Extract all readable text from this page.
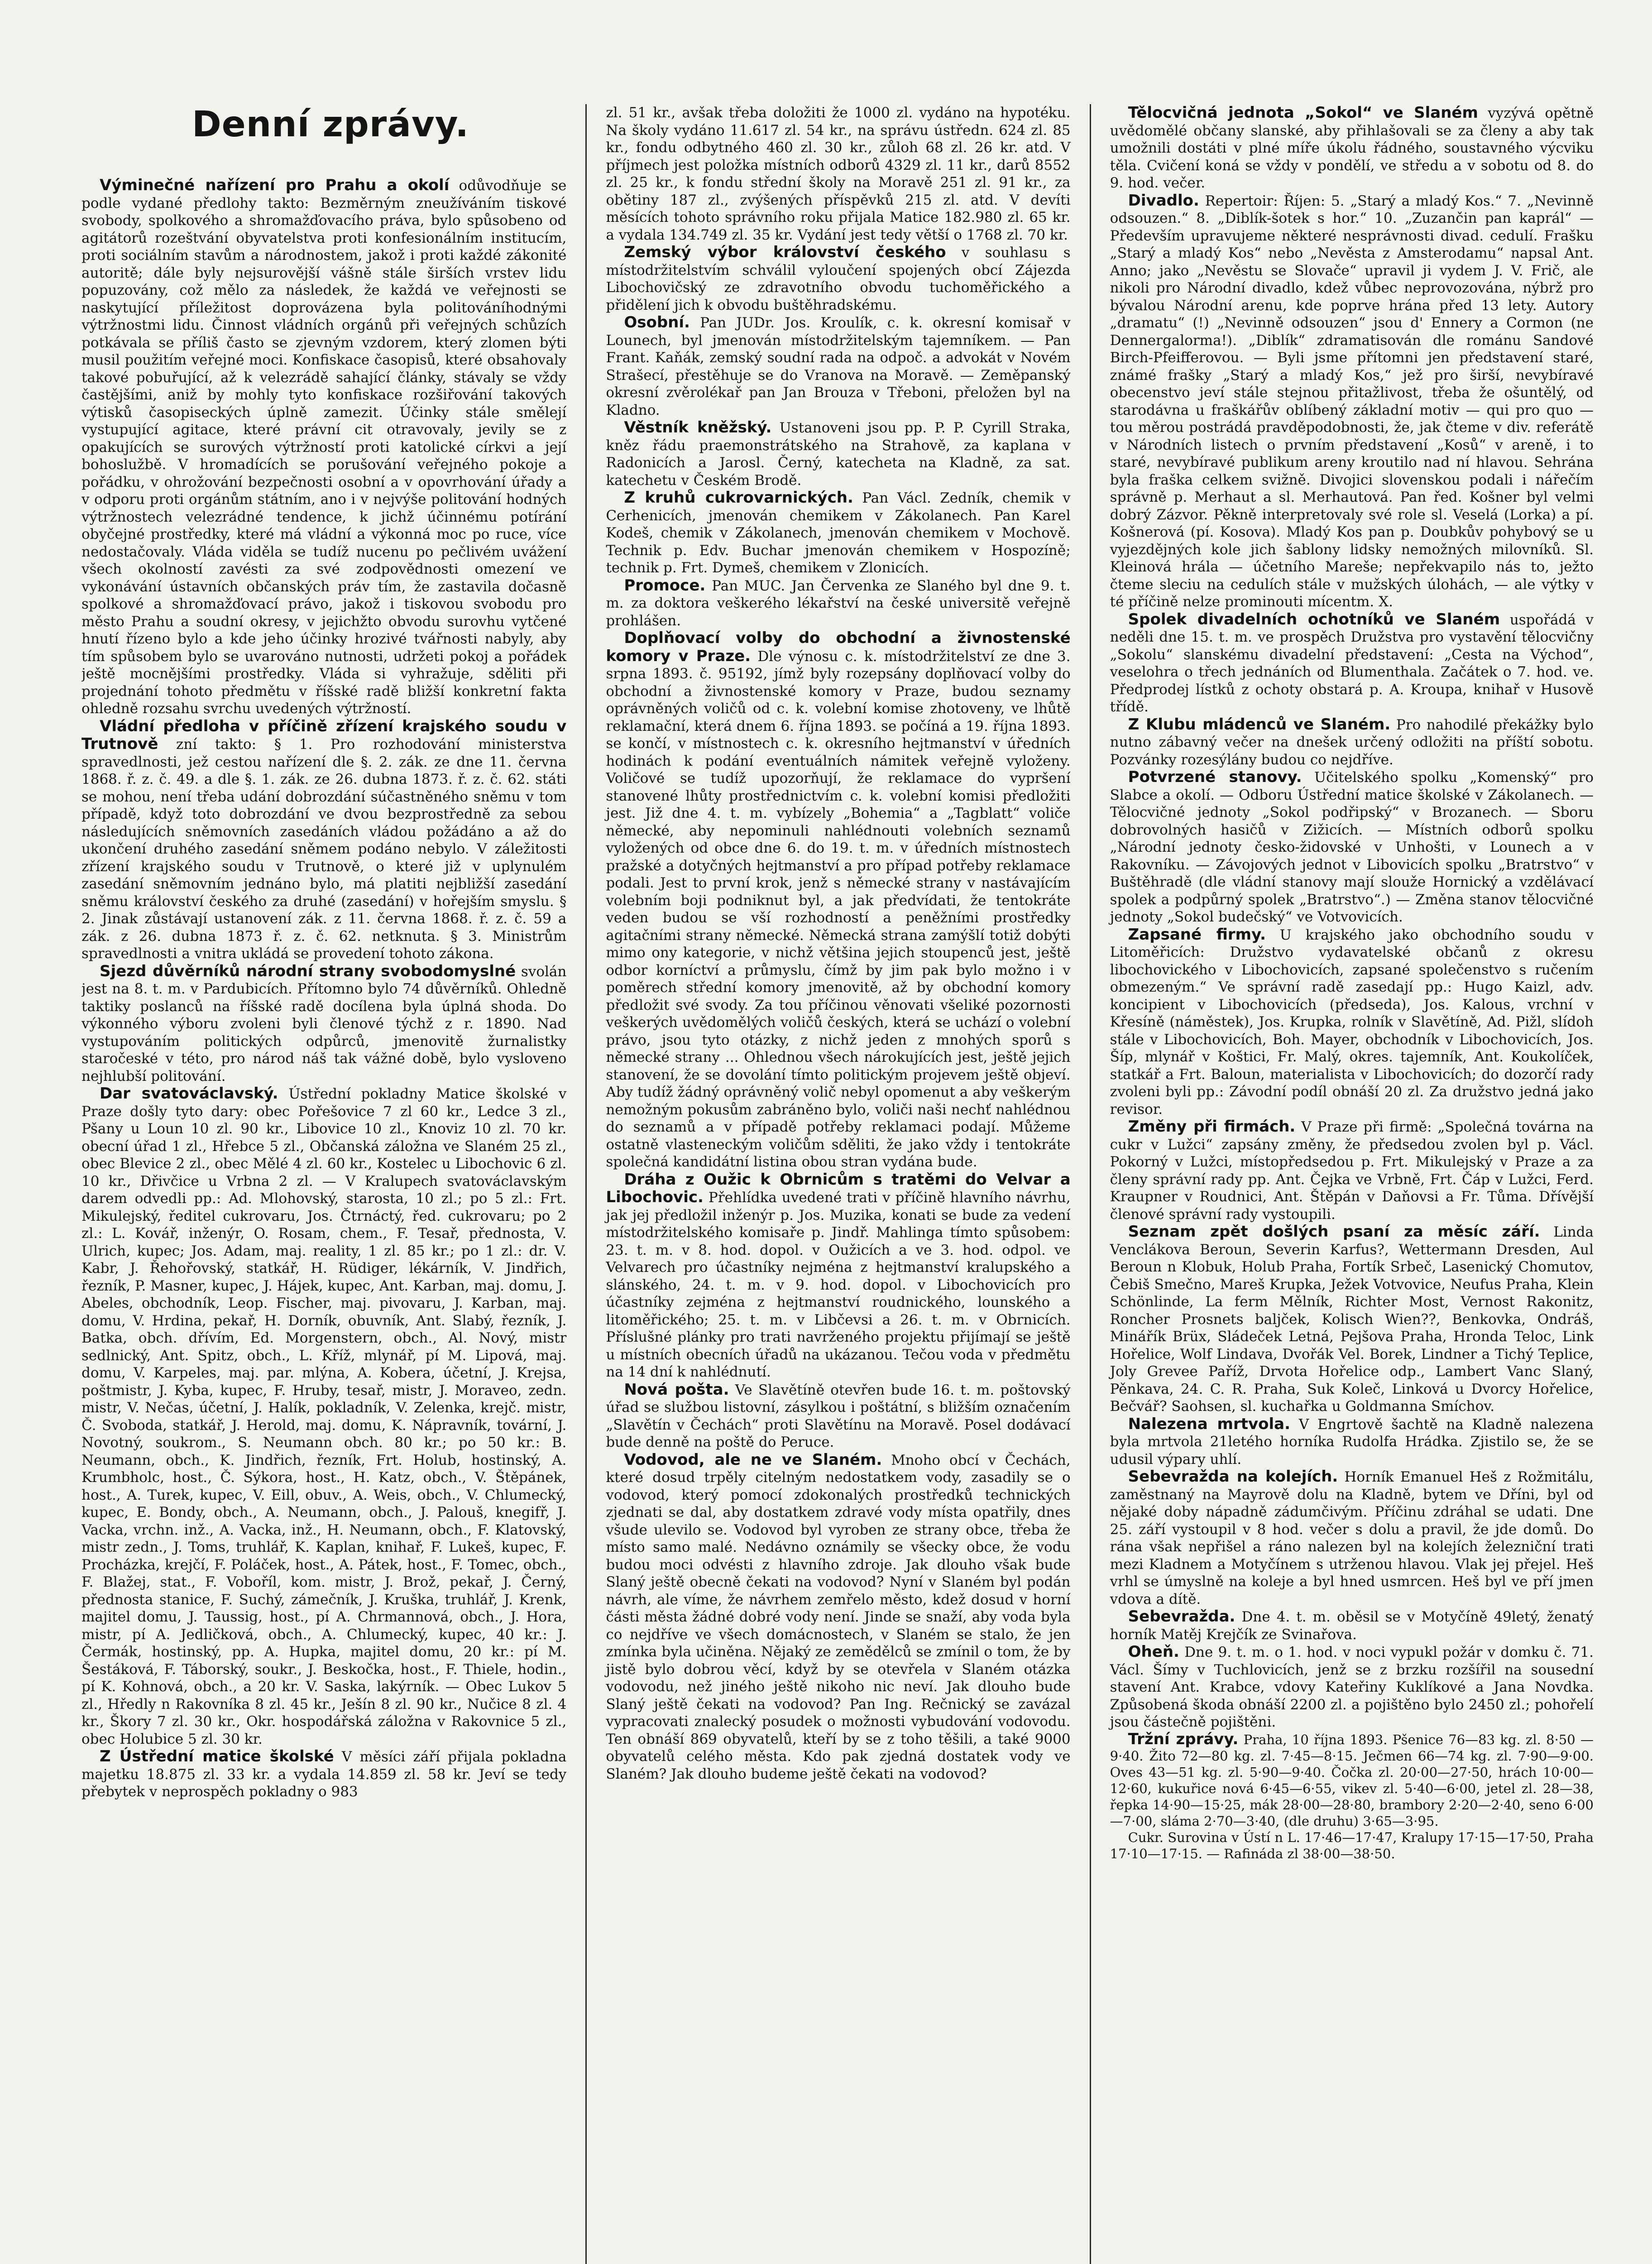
Denní zprávy.

Výminečné nařízení pro Prahu a okolí odůvodňuje se podle vydané předlohy takto: Bezměrným zneužíváním tiskové svobody, spolkového a shromažďovacího práva, bylo spůsobeno od agitátorů rozeštvání obyvatelstva proti konfesionálním institucím, proti sociálním stavům a národnostem, jakož i proti každé zákonité autoritě; dále byly nejsurovější vášně stále širších vrstev lidu popuzovány, což mělo za následek, že každá ve veřejnosti se naskytující příležitost doprovázena byla politováníhodnými výtržnostmi lidu. Činnost vládních orgánů při veřejných schůzích potkávala se příliš často se zjevným vzdorem, který zlomen býti musil použitím veřejné moci. Konfiskace časopisů, které obsahovaly takové pobuřující, až k velezrádě sahající články, stávaly se vždy častějšími, aniž by mohly tyto konfiskace rozšiřování takových výtisků časopiseckých úplně zamezit. Účinky stále smělejí vystupující agitace, které právní cit otravovaly, jevily se z opakujících se surových výtržností proti katolické církvi a její bohoslužbě. V hromadících se porušování veřejného pokoje a pořádku, v ohrožování bezpečnosti osobní a v opovrhování úřady a v odporu proti orgánům státním, ano i v nejvýše politování hodných výtržnostech velezrádné tendence, k jichž účinnému potírání obyčejné prostředky, které má vládní a výkonná moc po ruce, více nedostačovaly. Vláda viděla se tudíž nucenu po pečlivém uvážení všech okolností zavésti za své zodpovědnosti omezení ve vykonávání ústavních občanských práv tím, že zastavila dočasně spolkové a shromažďovací právo, jakož i tiskovou svobodu pro město Prahu a soudní okresy, v jejichžto obvodu surovhu vytčené hnutí řízeno bylo a kde jeho účinky hrozivé tvářnosti nabyly, aby tím spůsobem bylo se uvarováno nutnosti, udržeti pokoj a pořádek ještě mocnějšími prostředky. Vláda si vyhražuje, sděliti při projednání tohoto předmětu v říšské radě bližší konkretní fakta ohledně rozsahu svrchu uvedených výtržností.

Vládní předloha v příčině zřízení krajského soudu v Trutnově zní takto: § 1. Pro rozhodování ministerstva spravedlnosti, jež cestou nařízení dle §. 2. zák. ze dne 11. června 1868. ř. z. č. 49. a dle §. 1. zák. ze 26. dubna 1873. ř. z. č. 62. státi se mohou, není třeba udání dobrozdání súčastněného sněmu v tom případě, když toto dobrozdání ve dvou bezprostředně za sebou následujících sněmovních zasedáních vládou požádáno a až do ukončení druhého zasedání sněmem podáno nebylo. V záležitosti zřízení krajského soudu v Trutnově, o které již v uplynulém zasedání sněmovním jednáno bylo, má platiti nejbližší zasedání sněmu království českého za druhé (zasedání) v hořejším smyslu. § 2. Jinak zůstávají ustanovení zák. z 11. června 1868. ř. z. č. 59 a zák. z 26. dubna 1873 ř. z. č. 62. netknuta. § 3. Ministrům spravedlnosti a vnitra ukládá se provedení tohoto zákona.

Sjezd důvěrníků národní strany svobodomyslné svolán jest na 8. t. m. v Pardubicích. Přítomno bylo 74 důvěrníků. Ohledně taktiky poslanců na říšské radě docílena byla úplná shoda. Do výkonného výboru zvoleni byli členové týchž z r. 1890. Nad vystupováním politických odpůrců, jmenovitě žurnalistky staročeské v této, pro národ náš tak vážné době, bylo vysloveno nejhlubší politování.

Dar svatováclavský. Ústřední pokladny Matice školské v Praze došly tyto dary: obec Pořešovice 7 zl 60 kr., Ledce 3 zl., Pšany u Loun 10 zl. 90 kr., Libovice 10 zl., Knoviz 10 zl. 70 kr. obecní úřad 1 zl., Hřebce 5 zl., Občanská záložna ve Slaném 25 zl., obec Blevice 2 zl., obec Mělé 4 zl. 60 kr., Kostelec u Libochovic 6 zl. 10 kr., Dřivčice u Vrbna 2 zl. — V Kralupech svatováclavským darem odvedli pp.: Ad. Mlohovský, starosta, 10 zl.; po 5 zl.: Frt. Mikulejský, ředitel cukrovaru, Jos. Čtrnáctý, řed. cukrovaru; po 2 zl.: L. Kovář, inženýr, O. Rosam, chem., F. Tesař, přednosta, V. Ulrich, kupec; Jos. Adam, maj. reality, 1 zl. 85 kr.; po 1 zl.: dr. V. Kabr, J. Řehořovský, statkář, H. Rüdiger, lékárník, V. Jindřich, řezník, P. Masner, kupec, J. Hájek, kupec, Ant. Karban, maj. domu, J. Abeles, obchodník, Leop. Fischer, maj. pivovaru, J. Karban, maj. domu, V. Hrdina, pekař, H. Dorník, obuvník, Ant. Slabý, řezník, J. Batka, obch. dřívím, Ed. Morgenstern, obch., Al. Nový, mistr sedlnický, Ant. Spitz, obch., L. Kříž, mlynář, pí M. Lipová, maj. domu, V. Karpeles, maj. par. mlýna, A. Kobera, účetní, J. Krejsa, poštmistr, J. Kyba, kupec, F. Hruby, tesař, mistr, J. Moraveo, zedn. mistr, V. Nečas, účetní, J. Halík, pokladník, V. Zelenka, krejč. mistr, Č. Svoboda, statkář, J. Herold, maj. domu, K. Nápravník, tovární, J. Novotný, soukrom., S. Neumann obch. 80 kr.; po 50 kr.: B. Neumann, obch., K. Jindřich, řezník, Frt. Holub, hostinský, A. Krumbholc, host., Č. Sýkora, host., H. Katz, obch., V. Štěpánek, host., A. Turek, kupec, V. Eill, obuv., A. Weis, obch., V. Chlumecký, kupec, E. Bondy, obch., A. Neumann, obch., J. Palouš, knegifř, J. Vacka, vrchn. inž., A. Vacka, inž., H. Neumann, obch., F. Klatovský, mistr zedn., J. Toms, truhlář, K. Kaplan, knihař, F. Lukeš, kupec, F. Procházka, krejčí, F. Poláček, host., A. Pátek, host., F. Tomec, obch., F. Blažej, stat., F. Voboříl, kom. mistr, J. Brož, pekař, J. Černý, přednosta stanice, F. Suchý, zámečník, J. Kruška, truhlář, J. Krenk, majitel domu, J. Taussig, host., pí A. Chrmannová, obch., J. Hora, mistr, pí A. Jedličková, obch., A. Chlumecký, kupec, 40 kr.: J. Čermák, hostinský, pp. A. Hupka, majitel domu, 20 kr.: pí M. Šestáková, F. Táborský, soukr., J. Beskočka, host., F. Thiele, hodin., pí K. Kohnová, obch., a 20 kr. V. Saska, lakýrník. — Obec Lukov 5 zl., Hředly n Rakovníka 8 zl. 45 kr., Ješín 8 zl. 90 kr., Nučice 8 zl. 4 kr., Škory 7 zl. 30 kr., Okr. hospodářská záložna v Rakovnice 5 zl., obec Holubice 5 zl. 30 kr.

Z Ústřední matice školské V měsíci září přijala pokladna majetku 18.875 zl. 33 kr. a vydala 14.859 zl. 58 kr. Jeví se tedy přebytek v neprospěch pokladny o 983

zl. 51 kr., avšak třeba doložiti že 1000 zl. vydáno na hypotéku. Na školy vydáno 11.617 zl. 54 kr., na správu ústředn. 624 zl. 85 kr., fondu odbytného 460 zl. 30 kr., zůloh 68 zl. 26 kr. atd. V příjmech jest položka místních odborů 4329 zl. 11 kr., darů 8552 zl. 25 kr., k fondu střední školy na Moravě 251 zl. 91 kr., za obětiny 187 zl., zvýšených příspěvků 215 zl. atd. V devíti měsících tohoto správního roku přijala Matice 182.980 zl. 65 kr. a vydala 134.749 zl. 35 kr. Vydání jest tedy větší o 1768 zl. 70 kr.

Zemský výbor království českého v souhlasu s místodržitelstvím schválil vyloučení spojených obcí Zájezda Libochovičský ze zdravotního obvodu tuchoměřického a přidělení jich k obvodu buštěhradskému.

Osobní. Pan JUDr. Jos. Kroulík, c. k. okresní komisař v Lounech, byl jmenován místodržitelským tajemníkem. — Pan Frant. Kaňák, zemský soudní rada na odpoč. a advokát v Novém Strašecí, přestěhuje se do Vranova na Moravě. — Zeměpanský okresní zvěrolékař pan Jan Brouza v Třeboni, přeložen byl na Kladno.

Věstník kněžský. Ustanoveni jsou pp. P. P. Cyrill Straka, kněz řádu praemonstrátského na Strahově, za kaplana v Radonicích a Jarosl. Černý, katecheta na Kladně, za sat. katechetu v Českém Brodě.

Z kruhů cukrovarnických. Pan Václ. Zedník, chemik v Cerhenicích, jmenován chemikem v Zákolanech. Pan Karel Kodeš, chemik v Zákolanech, jmenován chemikem v Mochově. Technik p. Edv. Buchar jmenován chemikem v Hospozíně; technik p. Frt. Dymeš, chemikem v Zlonicích.

Promoce. Pan MUC. Jan Červenka ze Slaného byl dne 9. t. m. za doktora veškerého lékařství na české universitě veřejně prohlášen.

Doplňovací volby do obchodní a živnostenské komory v Praze. Dle výnosu c. k. místodržitelství ze dne 3. srpna 1893. č. 95192, jímž byly rozepsány doplňovací volby do obchodní a živnostenské komory v Praze, budou seznamy oprávněných voličů od c. k. volební komise zhotoveny, ve lhůtě reklamační, která dnem 6. října 1893. se počíná a 19. října 1893. se končí, v místnostech c. k. okresního hejtmanství v úředních hodinách k podání eventuálních námitek veřejně vyloženy. Voličové se tudíž upozorňují, že reklamace do vypršení stanovené lhůty prostřednictvím c. k. volební komisi předložiti jest. Již dne 4. t. m. vybízely „Bohemia“ a „Tagblatt“ voliče německé, aby nepominuli nahlédnouti volebních seznamů vyložených od obce dne 6. do 19. t. m. v úředních místnostech pražské a dotyčných hejtmanství a pro případ potřeby reklamace podali. Jest to první krok, jenž s německé strany v nastávajícím volebním boji podniknut byl, a jak předvídati, že tentokráte veden budou se vší rozhodností a peněžními prostředky agitačními strany německé. Německá strana zamýšlí totiž dobýti mimo ony kategorie, v nichž většina jejich stoupenců jest, ještě odbor korníctví a průmyslu, čímž by jim pak bylo možno i v poměrech střední komory jmenovitě, až by obchodní komory předložit své svody. Za tou příčinou věnovati všeliké pozornosti veškerých uvědomělých voličů českých, která se uchází o volební právo, jsou tyto otázky, z nichž jeden z mnohých sporů s německé strany ... Ohlednou všech nárokujících jest, ještě jejich stanovení, že se dovolání tímto politickým projevem ještě objeví. Aby tudíž žádný oprávněný volič nebyl opomenut a aby veškerým nemožným pokusům zabráněno bylo, voliči naši nechť nahlédnou do seznamů a v případě potřeby reklamaci podají. Můžeme ostatně vlasteneckým voličům sděliti, že jako vždy i tentokráte společná kandidátní listina obou stran vydána bude.

Dráha z Oužic k Obrnicům s tratěmi do Velvar a Libochovic. Přehlídka uvedené trati v příčině hlavního návrhu, jak jej předložil inženýr p. Jos. Muzika, konati se bude za vedení místodržitelského komisaře p. Jindř. Mahlinga tímto spůsobem: 23. t. m. v 8. hod. dopol. v Oužicích a ve 3. hod. odpol. ve Velvarech pro účastníky nejména z hejtmanství kralupského a slánského, 24. t. m. v 9. hod. dopol. v Libochovicích pro účastníky zejména z hejtmanství roudnického, lounského a litoměřického; 25. t. m. v Libčevsi a 26. t. m. v Obrnicích. Příslušné plánky pro trati navrženého projektu přijímají se ještě u místních obecních úřadů na ukázanou. Tečou voda v předmětu na 14 dní k nahlédnutí.

Nová pošta. Ve Slavětíně otevřen bude 16. t. m. poštovský úřad se službou listovní, zásylkou i poštátní, s bližším označením „Slavětín v Čechách“ proti Slavětínu na Moravě. Posel dodávací bude denně na poště do Peruce.

Vodovod, ale ne ve Slaném. Mnoho obcí v Čechách, které dosud trpěly citelným nedostatkem vody, zasadily se o vodovod, který pomocí zdokonalých prostředků technických zjednati se dal, aby dostatkem zdravé vody místa opatřily, dnes všude ulevilo se. Vodovod byl vyroben ze strany obce, třeba že místo samo malé. Nedávno oznámily se všecky obce, že vodu budou moci odvésti z hlavního zdroje. Jak dlouho však bude Slaný ještě obecně čekati na vodovod? Nyní v Slaném byl podán návrh, ale víme, že návrhem zemřelo město, kdež dosud v horní části města žádné dobré vody není. Jinde se snaží, aby voda byla co nejdříve ve všech domácnostech, v Slaném se stalo, že jen zmínka byla učiněna. Nějaký ze zemědělců se zmínil o tom, že by jistě bylo dobrou věcí, když by se otevřela v Slaném otázka vodovodu, než jiného ještě nikoho nic neví. Jak dlouho bude Slaný ještě čekati na vodovod? Pan Ing. Rečnický se zavázal vypracovati znalecký posudek o možnosti vybudování vodovodu. Ten obnáší 869 obyvatelů, kteří by se z toho těšili, a také 9000 obyvatelů celého města. Kdo pak zjedná dostatek vody ve Slaném? Jak dlouho budeme ještě čekati na vodovod?

Tělocvičná jednota „Sokol“ ve Slaném vyzývá opětně uvědomělé občany slanské, aby přihlašovali se za členy a aby tak umožnili dostáti v plné míře úkolu řádného, soustavného výcviku těla. Cvičení koná se vždy v pondělí, ve středu a v sobotu od 8. do 9. hod. večer.

Divadlo. Repertoir: Říjen: 5. „Starý a mladý Kos.“ 7. „Nevinně odsouzen.“ 8. „Diblík-šotek s hor.“ 10. „Zuzančin pan kaprál“ — Především upravujeme některé nesprávnosti divad. cedulí. Frašku „Starý a mladý Kos“ nebo „Nevěsta z Amsterodamu“ napsal Ant. Anno; jako „Nevěstu se Slovače“ upravil ji vydem J. V. Frič, ale nikoli pro Národní divadlo, kdež vůbec neprovozována, nýbrž pro bývalou Národní arenu, kde poprve hrána před 13 lety. Autory „dramatu“ (!) „Nevinně odsouzen“ jsou d' Ennery a Cormon (ne Dennergalorma!). „Diblík“ zdramatisován dle románu Sandové Birch-Pfeifferovou. — Byli jsme přítomni jen představení staré, známé frašky „Starý a mladý Kos,“ jež pro širší, nevybíravé obecenstvo jeví stále stejnou přitažlivost, třeba že ošuntělý, od starodávna u fraškářův oblíbený základní motiv — qui pro quo — tou měrou postrádá pravděpodobnosti, že, jak čteme v div. referátě v Národních listech o prvním představení „Kosů“ v areně, i to staré, nevybíravé publikum areny kroutilo nad ní hlavou. Sehrána byla fraška celkem svižně. Divojici slovenskou podali i nářečím správně p. Merhaut a sl. Merhautová. Pan řed. Košner byl velmi dobrý Zázvor. Pěkně interpretovaly své role sl. Veselá (Lorka) a pí. Košnerová (pí. Kosova). Mladý Kos pan p. Doubkův pohybový se u vyjezdějných kole jich šablony lidsky nemožných milovníků. Sl. Kleinová hrála — účetního Mareše; nepřekvapilo nás to, ježto čteme sleciu na cedulích stále v mužských úlohách, — ale výtky v té příčině nelze prominouti mícentm. X.

Spolek divadelních ochotníků ve Slaném uspořádá v neděli dne 15. t. m. ve prospěch Družstva pro vystavění tělocvičny „Sokolu“ slanskému divadelní představení: „Cesta na Východ“, veselohra o třech jednáních od Blumenthala. Začátek o 7. hod. ve. Předprodej lístků z ochoty obstará p. A. Kroupa, knihař v Husově třídě.

Z Klubu mládenců ve Slaném. Pro nahodilé překážky bylo nutno zábavný večer na dnešek určený odložiti na příští sobotu. Pozvánky rozesýlány budou co nejdříve.

Potvrzené stanovy. Učitelského spolku „Komenský“ pro Slabce a okolí. — Odboru Ústřední matice školské v Zákolanech. — Tělocvičné jednoty „Sokol podřipský“ v Brozanech. — Sboru dobrovolných hasičů v Zižicích. — Místních odborů spolku „Národní jednoty česko-židovské v Unhošti, v Lounech a v Rakovníku. — Závojových jednot v Libovicích spolku „Bratrstvo“ v Buštěhradě (dle vládní stanovy mají slouže Hornický a vzdělávací spolek a podpůrný spolek „Bratrstvo“.) — Změna stanov tělocvičné jednoty „Sokol budečský“ ve Votvovicích.

Zapsané firmy. U krajského jako obchodního soudu v Litoměřicích: Družstvo vydavatelské občanů z okresu libochovického v Libochovicích, zapsané společenstvo s ručením obmezeným.“ Ve správní radě zasedají pp.: Hugo Kaizl, adv. koncipient v Libochovicích (předseda), Jos. Kalous, vrchní v Křesíně (náměstek), Jos. Krupka, rolník v Slavětíně, Ad. Pižl, slídoh stále v Libochovicích, Boh. Mayer, obchodník v Libochovicích, Jos. Šíp, mlynář v Koštici, Fr. Malý, okres. tajemník, Ant. Koukolíček, statkář a Frt. Baloun, materialista v Libochovicích; do dozorčí rady zvoleni byli pp.: Závodní podíl obnáší 20 zl. Za družstvo jedná jako revisor.

Změny při firmách. V Praze při firmě: „Společná továrna na cukr v Lužci“ zapsány změny, že předsedou zvolen byl p. Václ. Pokorný v Lužci, místopředsedou p. Frt. Mikulejský v Praze a za členy správní rady pp. Ant. Čejka ve Vrbně, Frt. Čáp v Lužci, Ferd. Kraupner v Roudnici, Ant. Štěpán v Daňovsi a Fr. Tůma. Dřívější členové správní rady vystoupili.

Seznam zpět došlých psaní za měsíc září. Linda Venclákova Beroun, Severin Karfus?, Wettermann Dresden, Aul Beroun n Klobuk, Holub Praha, Fortík Srbeč, Lasenický Chomutov, Čebiš Smečno, Mareš Krupka, Ježek Votvovice, Neufus Praha, Klein Schönlinde, La ferm Mělník, Richter Most, Vernost Rakonitz, Roncher Prosnets baljček, Kolisch Wien??, Benkovka, Ondráš, Minářík Brüx, Sládeček Letná, Pejšova Praha, Hronda Teloc, Link Hořelice, Wolf Lindava, Dvořák Vel. Borek, Lindner a Tichý Teplice, Joly Grevee Paříž, Drvota Hořelice odp., Lambert Vanc Slaný, Pěnkava, 24. C. R. Praha, Suk Koleč, Linková u Dvorcy Hořelice, Bečvář? Saohsen, sl. kuchařka u Goldmanna Smíchov.

Nalezena mrtvola. V Engrtově šachtě na Kladně nalezena byla mrtvola 21letého horníka Rudolfa Hrádka. Zjistilo se, že se udusil výpary uhlí.

Sebevražda na kolejích. Horník Emanuel Heš z Rožmitálu, zaměstnaný na Mayrově dolu na Kladně, bytem ve Dříni, byl od nějaké doby nápadně zádumčivým. Příčinu zdráhal se udati. Dne 25. září vystoupil v 8 hod. večer s dolu a pravil, že jde domů. Do rána však nepřišel a ráno nalezen byl na kolejích železniční trati mezi Kladnem a Motyčínem s utrženou hlavou. Vlak jej přejel. Heš vrhl se úmyslně na koleje a byl hned usmrcen. Heš byl ve pří jmen vdova a dítě.

Sebevražda. Dne 4. t. m. oběsil se v Motyčíně 49letý, ženatý horník Matěj Krejčík ze Svinařova.

Oheň. Dne 9. t. m. o 1. hod. v noci vypukl požár v domku č. 71. Václ. Šímy v Tuchlovicích, jenž se z brzku rozšířil na sousední stavení Ant. Krabce, vdovy Kateřiny Kuklíkové a Jana Novdka. Způsobená škoda obnáší 2200 zl. a pojištěno bylo 2450 zl.; pohořelí jsou částečně pojištěni.

Tržní zprávy. Praha, 10 října 1893. Pšenice 76—83 kg. zl. 8·50 — 9·40. Žito 72—80 kg. zl. 7·45—8·15. Ječmen 66—74 kg. zl. 7·90—9·00. Oves 43—51 kg. zl. 5·90—9·40. Čočka zl. 20·00—27·50, hrách 10·00—12·60, kukuřice nová 6·45—6·55, vikev zl. 5·40—6·00, jetel zl. 28—38, řepka 14·90—15·25, mák 28·00—28·80, brambory 2·20—2·40, seno 6·00—7·00, sláma 2·70—3·40, (dle druhu) 3·65—3·95.

Cukr. Surovina v Ústí n L. 17·46—17·47, Kralupy 17·15—17·50, Praha 17·10—17·15. — Rafináda zl 38·00—38·50.
